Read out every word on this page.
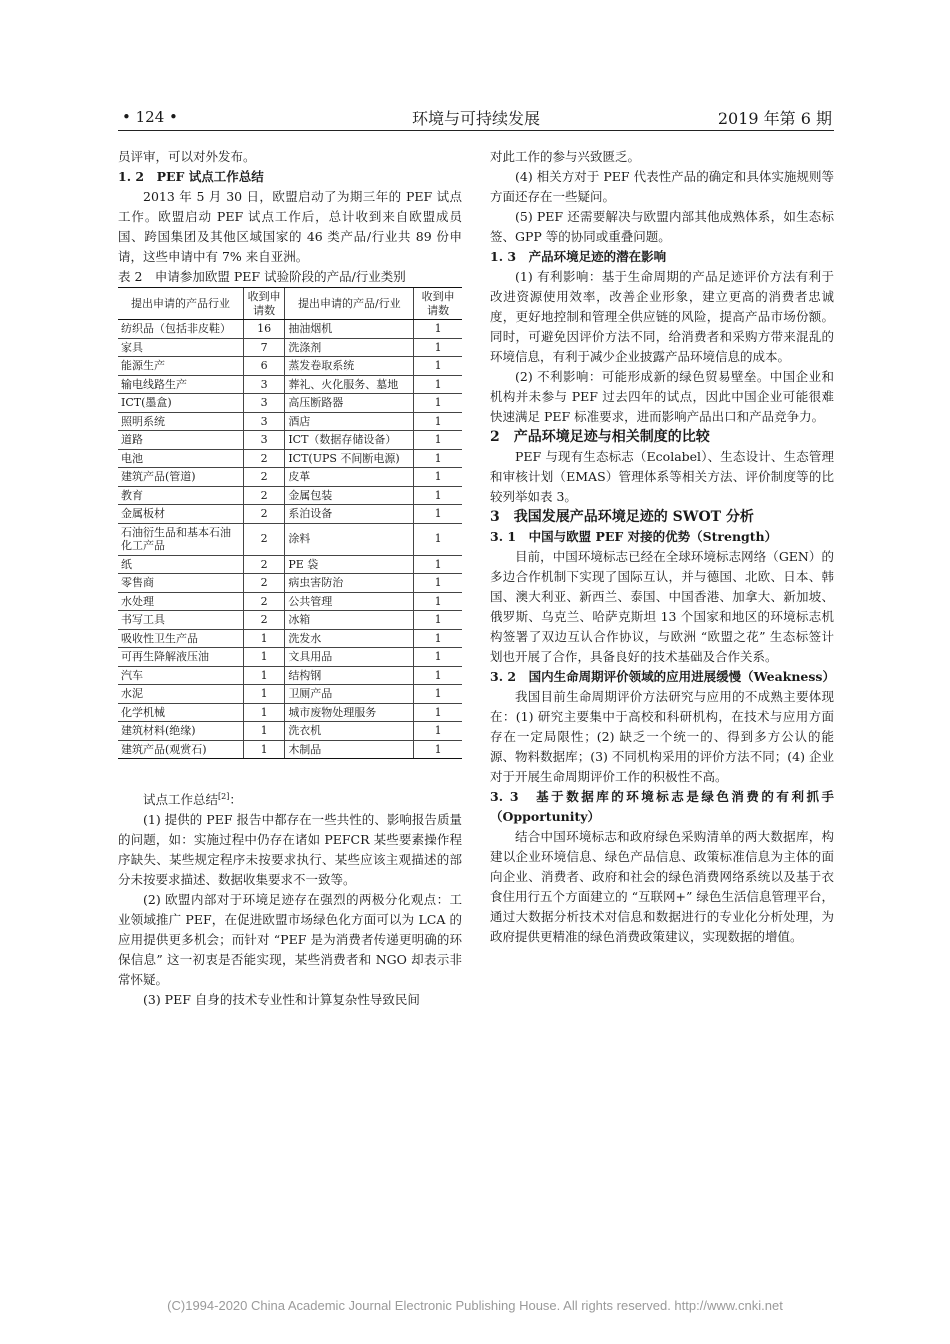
• 124 •	环境与可持续发展	2019 年第 6 期

员评审，可以对外发布。

1. 2　PEF 试点工作总结

2013 年 5 月 30 日，欧盟启动了为期三年的 PEF 试点工作。欧盟启动 PEF 试点工作后，总计收到来自欧盟成员国、跨国集团及其他区域国家的 46 类产品/行业共 89 份申请，这些申请中有 7% 来自亚洲。

表 2　申请参加欧盟 PEF 试验阶段的产品/行业类别

提出申请的产品行业	收到申请数	提出申请的产品/行业	收到申请数
纺织品（包括非皮鞋）	16	抽油烟机	1
家具	7	洗涤剂	1
能源生产	6	蒸发卷取系统	1
输电线路生产	3	葬礼、火化服务、墓地	1
ICT(墨盒)	3	高压断路器	1
照明系统	3	酒店	1
道路	3	ICT（数据存储设备）	1
电池	2	ICT(UPS 不间断电源)	1
建筑产品(管道)	2	皮革	1
教育	2	金属包装	1
金属板材	2	系泊设备	1
石油衍生品和基本石油化工产品	2	涂料	1
纸	2	PE 袋	1
零售商	2	病虫害防治	1
水处理	2	公共管理	1
书写工具	2	冰箱	1
吸收性卫生产品	1	洗发水	1
可再生降解液压油	1	文具用品	1
汽车	1	结构钢	1
水泥	1	卫厕产品	1
化学机械	1	城市废物处理服务	1
建筑材料(绝缘)	1	洗衣机	1
建筑产品(观赏石)	1	木制品	1

试点工作总结[2]：

(1) 提供的 PEF 报告中都存在一些共性的、影响报告质量的问题，如：实施过程中仍存在诸如 PEFCR 某些要素操作程序缺失、某些规定程序未按要求执行、某些应该主观描述的部分未按要求描述、数据收集要求不一致等。

(2) 欧盟内部对于环境足迹存在强烈的两极分化观点：工业领域推广 PEF，在促进欧盟市场绿色化方面可以为 LCA 的应用提供更多机会；而针对 “PEF 是为消费者传递更明确的环保信息” 这一初衷是否能实现，某些消费者和 NGO 却表示非常怀疑。

(3) PEF 自身的技术专业性和计算复杂性导致民间

对此工作的参与兴致匮乏。

(4) 相关方对于 PEF 代表性产品的确定和具体实施规则等方面还存在一些疑问。

(5) PEF 还需要解决与欧盟内部其他成熟体系，如生态标签、GPP 等的协同或重叠问题。

1. 3　产品环境足迹的潜在影响

(1) 有利影响：基于生命周期的产品足迹评价方法有利于改进资源使用效率，改善企业形象，建立更高的消费者忠诚度，更好地控制和管理全供应链的风险，提高产品市场份额。同时，可避免因评价方法不同，给消费者和采购方带来混乱的环境信息，有利于减少企业披露产品环境信息的成本。

(2) 不利影响：可能形成新的绿色贸易壁垒。中国企业和机构并未参与 PEF 过去四年的试点，因此中国企业可能很难快速满足 PEF 标准要求，进而影响产品出口和产品竞争力。

2　产品环境足迹与相关制度的比较

PEF 与现有生态标志（Ecolabel）、生态设计、生态管理和审核计划（EMAS）管理体系等相关方法、评价制度等的比较列举如表 3。

3　我国发展产品环境足迹的 SWOT 分析

3. 1　中国与欧盟 PEF 对接的优势（Strength）

目前，中国环境标志已经在全球环境标志网络（GEN）的多边合作机制下实现了国际互认，并与德国、北欧、日本、韩国、澳大利亚、新西兰、泰国、中国香港、加拿大、新加坡、俄罗斯、乌克兰、哈萨克斯坦 13 个国家和地区的环境标志机构签署了双边互认合作协议，与欧洲 “欧盟之花” 生态标签计划也开展了合作，具备良好的技术基础及合作关系。

3. 2　国内生命周期评价领域的应用进展缓慢（Weakness）

我国目前生命周期评价方法研究与应用的不成熟主要体现在：(1) 研究主要集中于高校和科研机构，在技术与应用方面存在一定局限性；(2) 缺乏一个统一的、得到多方公认的能源、物料数据库；(3) 不同机构采用的评价方法不同；(4) 企业对于开展生命周期评价工作的积极性不高。

3. 3　基于数据库的环境标志是绿色消费的有利抓手（Opportunity）

结合中国环境标志和政府绿色采购清单的两大数据库，构建以企业环境信息、绿色产品信息、政策标准信息为主体的面向企业、消费者、政府和社会的绿色消费网络系统以及基于衣食住用行五个方面建立的 “互联网+” 绿色生活信息管理平台，通过大数据分析技术对信息和数据进行的专业化分析处理，为政府提供更精准的绿色消费政策建议，实现数据的增值。

(C)1994-2020 China Academic Journal Electronic Publishing House. All rights reserved. http://www.cnki.net
